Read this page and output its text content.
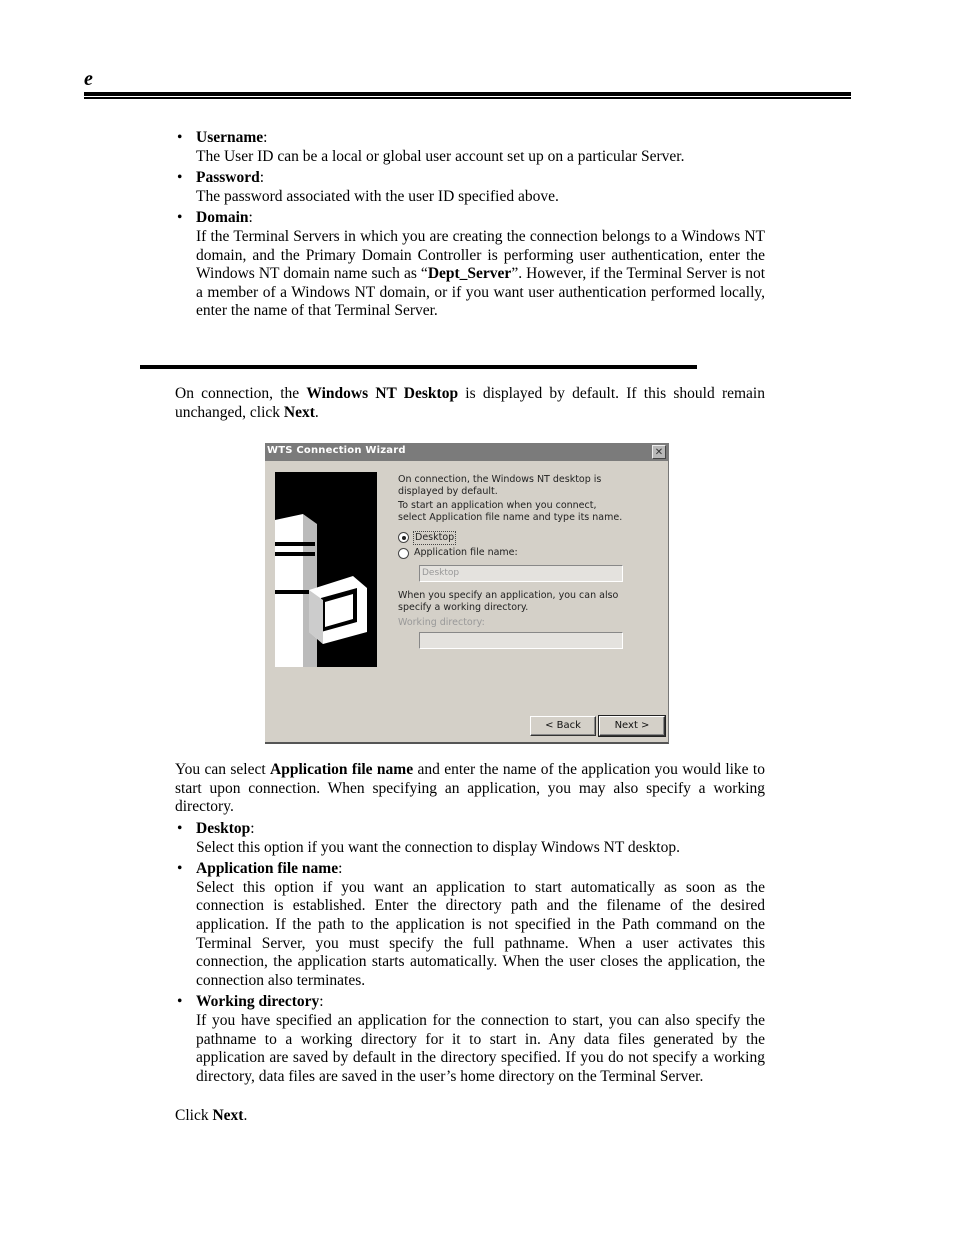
e
• Username:
The User ID can be a local or global user account set up on a particular Server.
• Password:
The password associated with the user ID specified above.
• Domain:
If the Terminal Servers in which you are creating the connection belongs to a Windows NT domain, and the Primary Domain Controller is performing user authentication, enter the Windows NT domain name such as “Dept_Server”. However, if the Terminal Server is not a member of a Windows NT domain, or if you want user authentication performed locally, enter the name of that Terminal Server.

On connection, the Windows NT Desktop is displayed by default. If this should remain unchanged, click Next.

WTS Connection Wizard	✕
On connection, the Windows NT desktop is
displayed by default.
To start an application when you connect,
select Application file name and type its name.
Desktop
Application file name:
Desktop
When you specify an application, you can also
specify a working directory.
Working directory:
< Back	Next >

You can select Application file name and enter the name of the application you would like to start upon connection. When specifying an application, you may also specify a working directory.

• Desktop:
Select this option if you want the connection to display Windows NT desktop.
• Application file name:
Select this option if you want an application to start automatically as soon as the connection is established. Enter the directory path and the filename of the desired application. If the path to the application is not specified in the Path command on the Terminal Server, you must specify the full pathname. When a user activates this connection, the application starts automatically. When the user closes the application, the connection also terminates.
• Working directory:
If you have specified an application for the connection to start, you can also specify the pathname to a working directory for it to start in. Any data files generated by the application are saved by default in the directory specified. If you do not specify a working directory, data files are saved in the user’s home directory on the Terminal Server.

Click Next.
